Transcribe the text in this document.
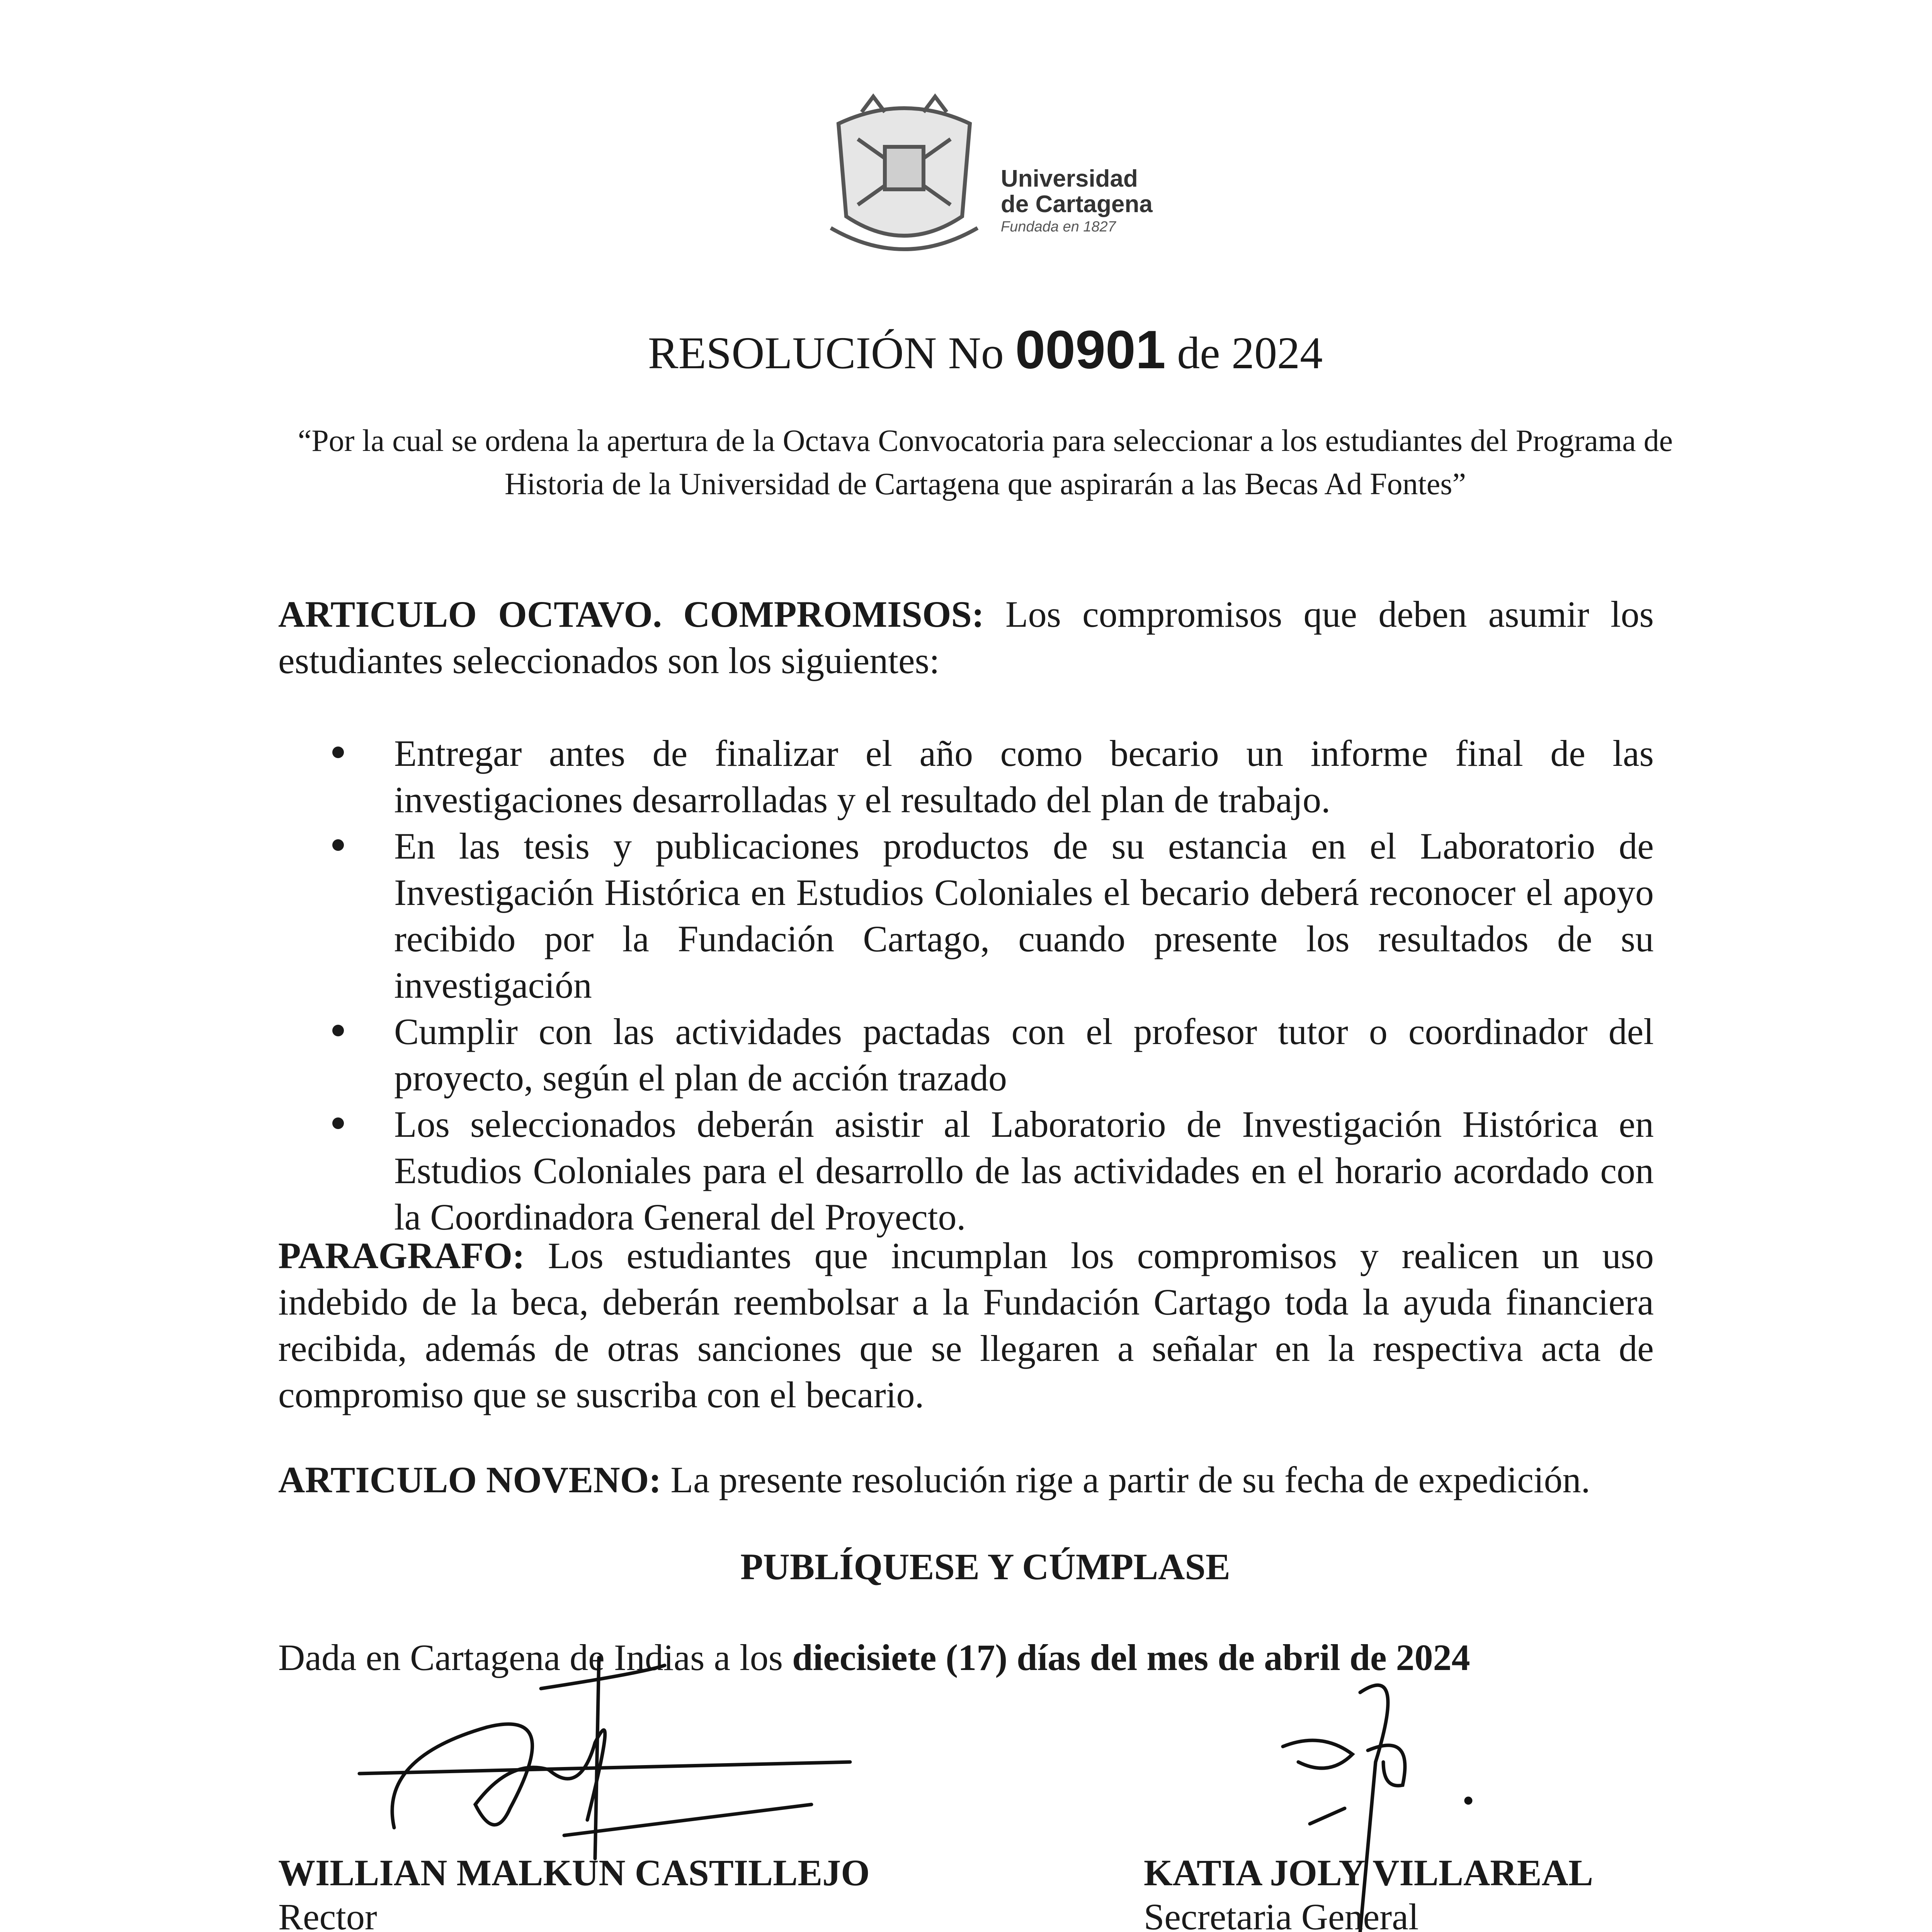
Universidad
de Cartagena
Fundada en 1827
RESOLUCIÓN No 00901 de 2024
“Por la cual se ordena la apertura de la Octava Convocatoria para seleccionar a los estudiantes del Programa de Historia de la Universidad de Cartagena que aspirarán a las Becas Ad Fontes”
ARTICULO OCTAVO. COMPROMISOS: Los compromisos que deben asumir los estudiantes seleccionados son los siguientes:
Entregar antes de finalizar el año como becario un informe final de las investigaciones desarrolladas y el resultado del plan de trabajo.
En las tesis y publicaciones productos de su estancia en el Laboratorio de Investigación Histórica en Estudios Coloniales el becario deberá reconocer el apoyo recibido por la Fundación Cartago, cuando presente los resultados de su investigación
Cumplir con las actividades pactadas con el profesor tutor o coordinador del proyecto, según el plan de acción trazado
Los seleccionados deberán asistir al Laboratorio de Investigación Histórica en Estudios Coloniales para el desarrollo de las actividades en el horario acordado con la Coordinadora General del Proyecto.
PARAGRAFO: Los estudiantes que incumplan los compromisos y realicen un uso indebido de la beca, deberán reembolsar a la Fundación Cartago toda la ayuda financiera recibida, además de otras sanciones que se llegaren a señalar en la respectiva acta de compromiso que se suscriba con el becario.
ARTICULO NOVENO: La presente resolución rige a partir de su fecha de expedición.
PUBLÍQUESE Y CÚMPLASE
Dada en Cartagena de Indias a los diecisiete (17) días del mes de abril de 2024
WILLIAN MALKUN CASTILLEJO
Rector
KATIA JOLY VILLAREAL
Secretaria General
